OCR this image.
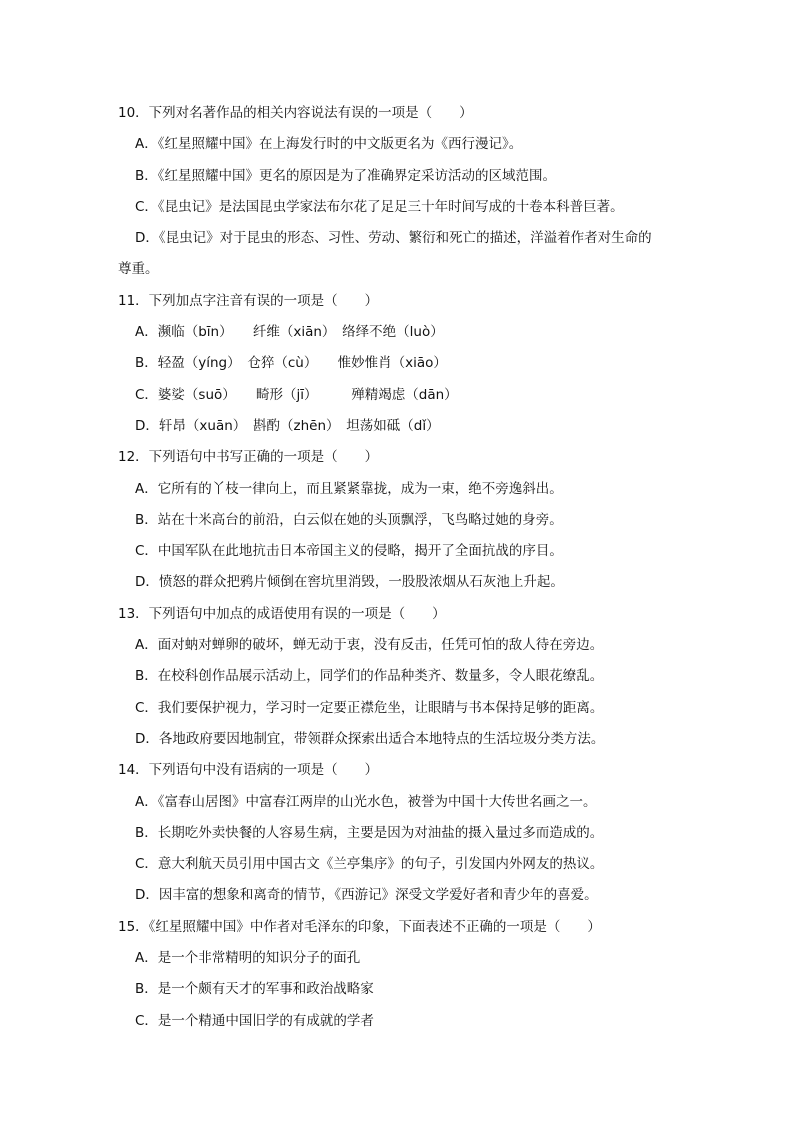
10．下列对名著作品的相关内容说法有误的一项是（　　）
A．《红星照耀中国》在上海发行时的中文版更名为《西行漫记》。
B．《红星照耀中国》更名的原因是为了准确界定采访活动的区域范围。
C．《昆虫记》是法国昆虫学家法布尔花了足足三十年时间写成的十卷本科普巨著。
D．《昆虫记》对于昆虫的形态、习性、劳动、繁衍和死亡的描述，洋溢着作者对生命的
尊重。
11．下列加点字注音有误的一项是（　　）
A．濒临（bīn）　　纤维（xiān）　络绎不绝（luò）
B．轻盈（yíng）　仓猝（cù）　　惟妙惟肖（xiāo）
C．婆娑（suō）　　畸形（jī）　　　殚精竭虑（dān）
D．轩昂（xuān）　斟酌（zhēn）　坦荡如砥（dǐ）
12．下列语句中书写正确的一项是（　　）
A．它所有的丫枝一律向上，而且紧紧靠拢，成为一束，绝不旁逸斜出。
B．站在十米高台的前沿，白云似在她的头顶飘浮，飞鸟略过她的身旁。
C．中国军队在此地抗击日本帝国主义的侵略，揭开了全面抗战的序目。
D．愤怒的群众把鸦片倾倒在窖坑里消毁，一股股浓烟从石灰池上升起。
13．下列语句中加点的成语使用有误的一项是（　　）
A．面对蚋对蝉卵的破坏，蝉无动于衷，没有反击，任凭可怕的敌人待在旁边。
B．在校科创作品展示活动上，同学们的作品种类齐、数量多，令人眼花缭乱。
C．我们要保护视力，学习时一定要正襟危坐，让眼睛与书本保持足够的距离。
D．各地政府要因地制宜，带领群众探索出适合本地特点的生活垃圾分类方法。
14．下列语句中没有语病的一项是（　　）
A．《富春山居图》中富春江两岸的山光水色，被誉为中国十大传世名画之一。
B．长期吃外卖快餐的人容易生病，主要是因为对油盐的摄入量过多而造成的。
C．意大利航天员引用中国古文《兰亭集序》的句子，引发国内外网友的热议。
D．因丰富的想象和离奇的情节，《西游记》深受文学爱好者和青少年的喜爱。
15．《红星照耀中国》中作者对毛泽东的印象，下面表述不正确的一项是（　　）
A．是一个非常精明的知识分子的面孔
B．是一个颇有天才的军事和政治战略家
C．是一个精通中国旧学的有成就的学者
